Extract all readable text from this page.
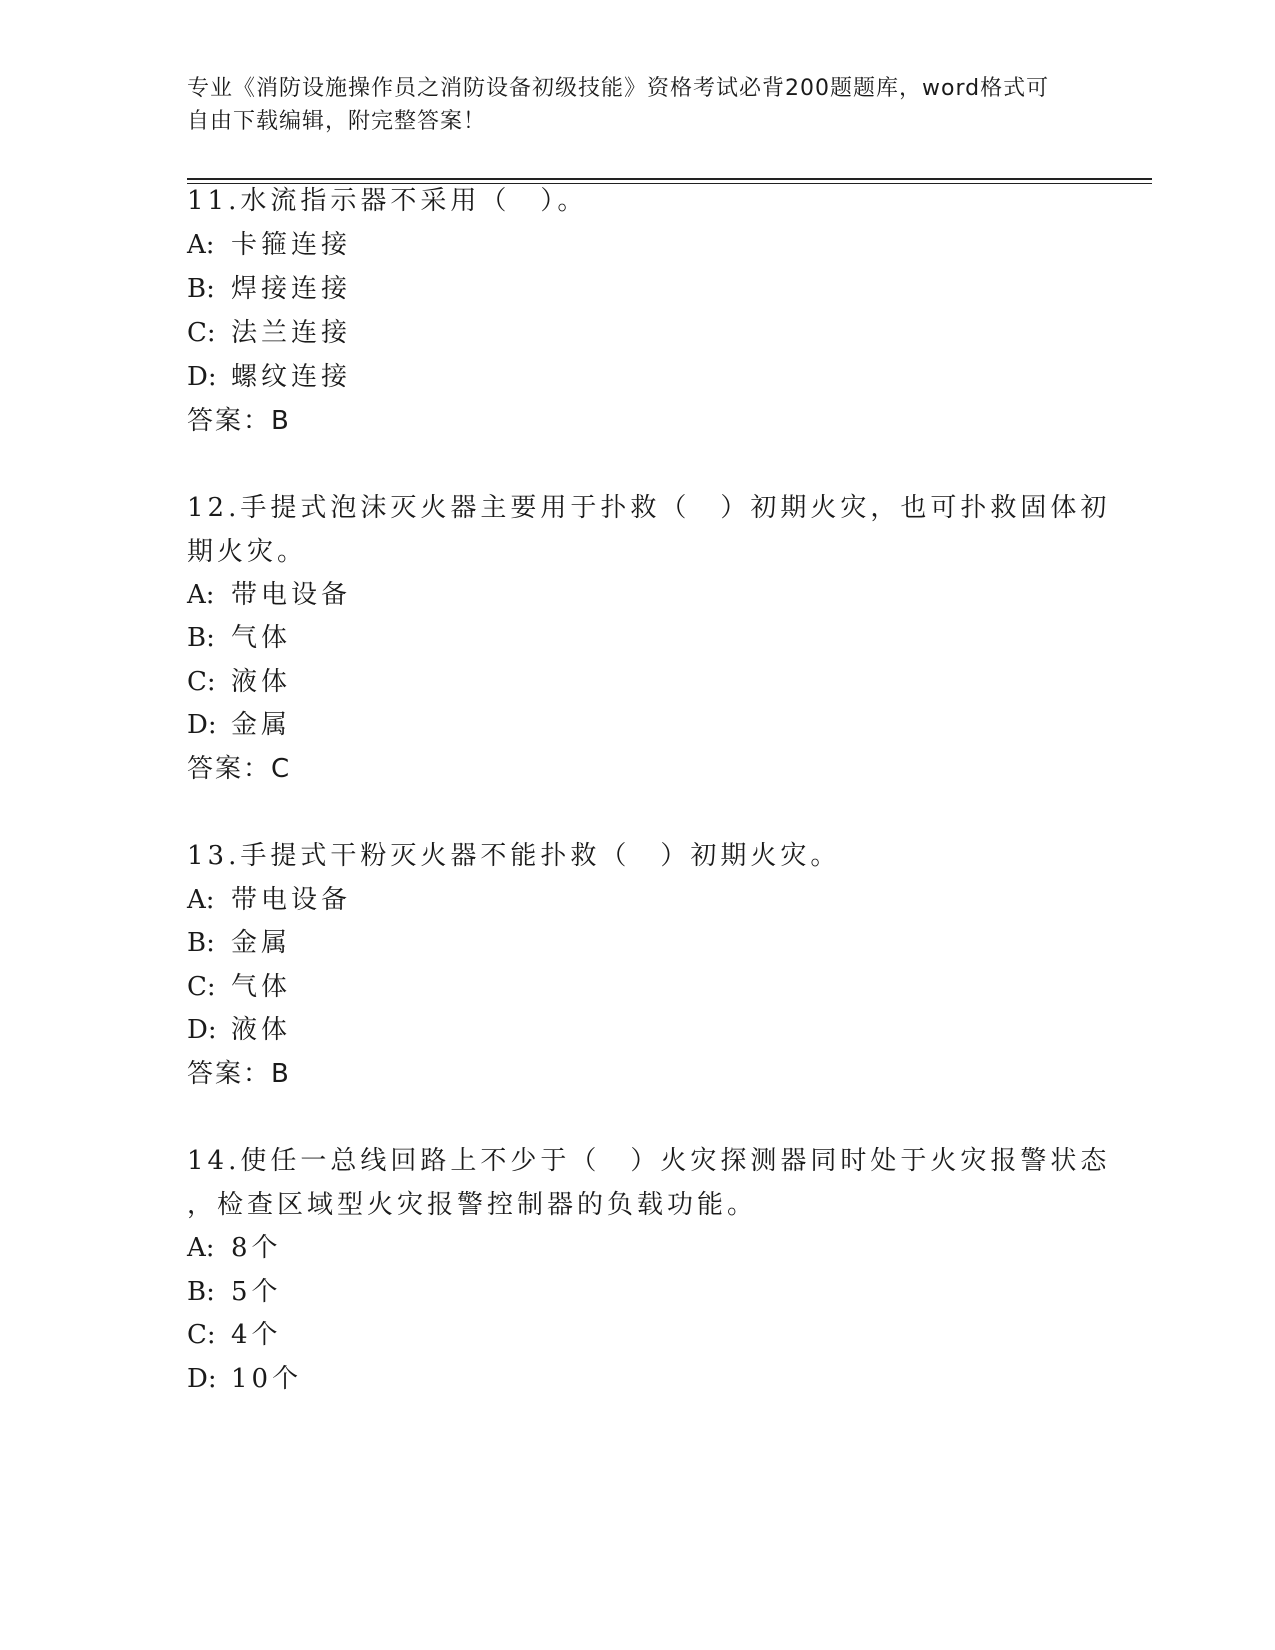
专业《消防设施操作员之消防设备初级技能》资格考试必背200题题库，word格式可自由下载编辑，附完整答案！
11.水流指示器不采用（　）。
A: 卡箍连接
B: 焊接连接
C: 法兰连接
D: 螺纹连接
答案：B
12.手提式泡沫灭火器主要用于扑救（　）初期火灾，也可扑救固体初
期火灾。
A: 带电设备
B: 气体
C: 液体
D: 金属
答案：C
13.手提式干粉灭火器不能扑救（　）初期火灾。
A: 带电设备
B: 金属
C: 气体
D: 液体
答案：B
14.使任一总线回路上不少于（　）火灾探测器同时处于火灾报警状态
，检查区域型火灾报警控制器的负载功能。
A: 8个
B: 5个
C: 4个
D: 10个
